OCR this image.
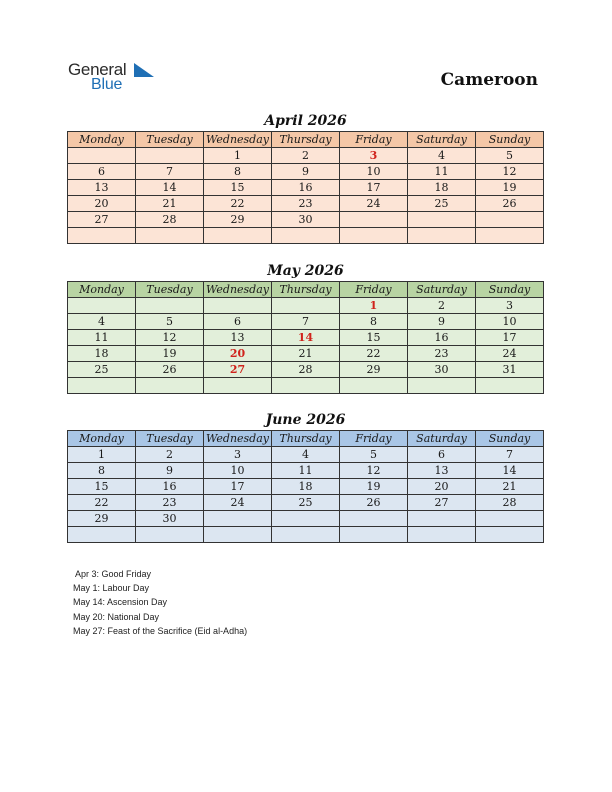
General
Blue	Cameroon
April 2026
Monday	Tuesday	Wednesday	Thursday	Friday	Saturday	Sunday
		1	2	3	4	5
6	7	8	9	10	11	12
13	14	15	16	17	18	19
20	21	22	23	24	25	26
27	28	29	30			

May 2026
Monday	Tuesday	Wednesday	Thursday	Friday	Saturday	Sunday
				1	2	3
4	5	6	7	8	9	10
11	12	13	14	15	16	17
18	19	20	21	22	23	24
25	26	27	28	29	30	31

June 2026
Monday	Tuesday	Wednesday	Thursday	Friday	Saturday	Sunday
1	2	3	4	5	6	7
8	9	10	11	12	13	14
15	16	17	18	19	20	21
22	23	24	25	26	27	28
29	30					

Apr 3: Good Friday
May 1: Labour Day
May 14: Ascension Day
May 20: National Day
May 27: Feast of the Sacrifice (Eid al-Adha)
